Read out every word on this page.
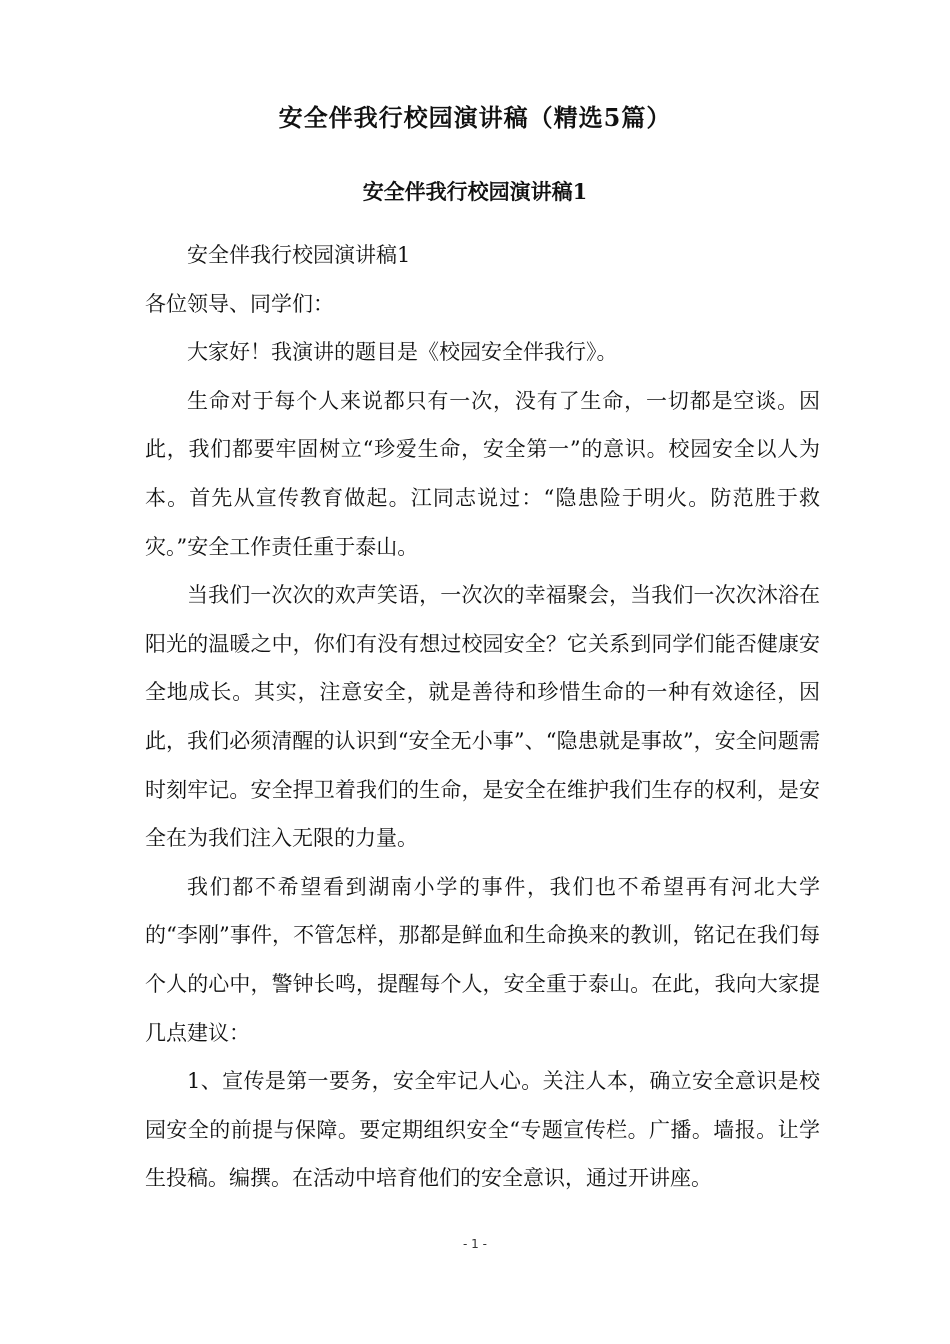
安全伴我行校园演讲稿（精选5篇）
安全伴我行校园演讲稿1

安全伴我行校园演讲稿1

各位领导、同学们：

大家好！我演讲的题目是《校园安全伴我行》。

生命对于每个人来说都只有一次，没有了生命，一切都是空谈。因此，我们都要牢固树立“珍爱生命，安全第一”的意识。校园安全以人为本。首先从宣传教育做起。江同志说过：“隐患险于明火。防范胜于救灾。”安全工作责任重于泰山。

当我们一次次的欢声笑语，一次次的幸福聚会，当我们一次次沐浴在阳光的温暖之中，你们有没有想过校园安全？它关系到同学们能否健康安全地成长。其实，注意安全，就是善待和珍惜生命的一种有效途径，因此，我们必须清醒的认识到“安全无小事”、“隐患就是事故”，安全问题需时刻牢记。安全捍卫着我们的生命，是安全在维护我们生存的权利，是安全在为我们注入无限的力量。

我们都不希望看到湖南小学的事件，我们也不希望再有河北大学的“李刚”事件，不管怎样，那都是鲜血和生命换来的教训，铭记在我们每个人的心中，警钟长鸣，提醒每个人，安全重于泰山。在此，我向大家提几点建议：

1、宣传是第一要务，安全牢记人心。关注人本，确立安全意识是校园安全的前提与保障。要定期组织安全“专题宣传栏。广播。墙报。让学生投稿。编撰。在活动中培育他们的安全意识，通过开讲座。

- 1 -
